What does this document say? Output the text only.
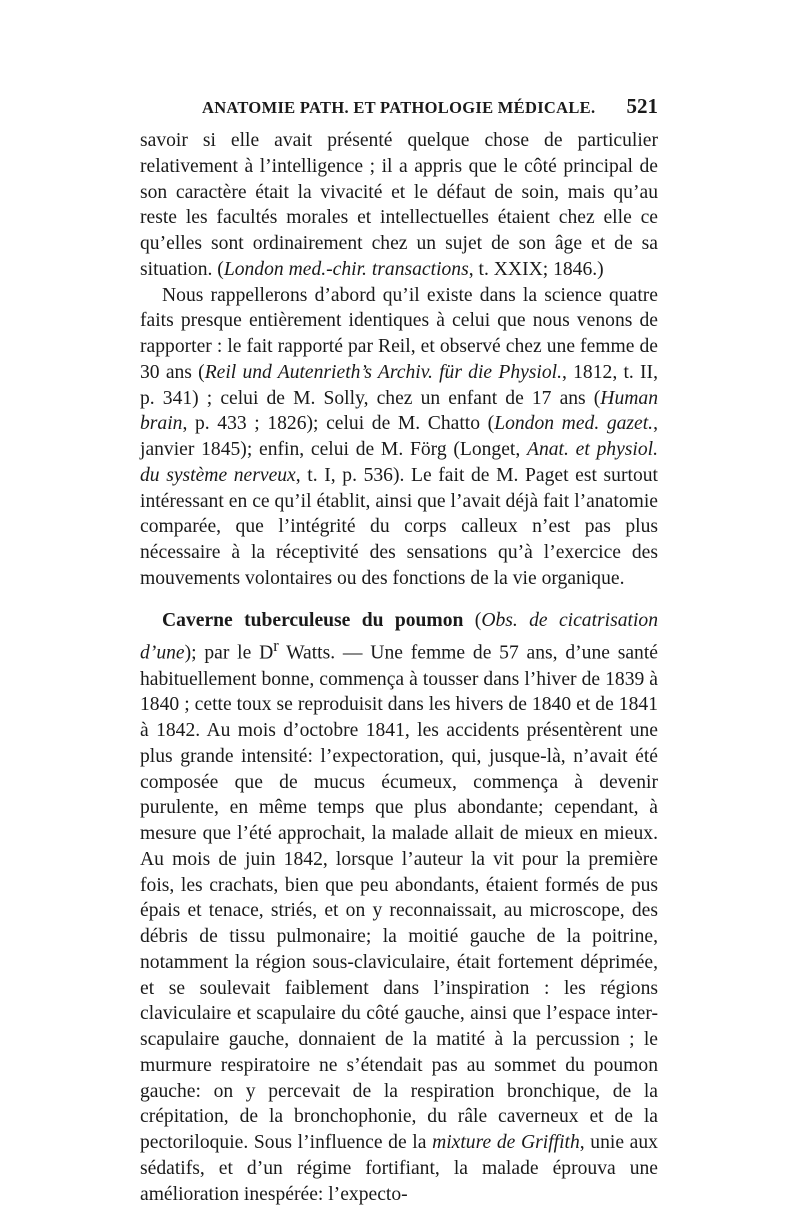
ANATOMIE PATH. ET PATHOLOGIE MÉDICALE. 521

savoir si elle avait présenté quelque chose de particulier relativement à l’intelligence ; il a appris que le côté principal de son caractère était la vivacité et le défaut de soin, mais qu’au reste les facultés morales et intellectuelles étaient chez elle ce qu’elles sont ordinairement chez un sujet de son âge et de sa situation. (London med.-chir. transactions, t. XXIX; 1846.)

Nous rappellerons d’abord qu’il existe dans la science quatre faits presque entièrement identiques à celui que nous venons de rapporter : le fait rapporté par Reil, et observé chez une femme de 30 ans (Reil und Autenrieth’s Archiv. für die Physiol., 1812, t. II, p. 341) ; celui de M. Solly, chez un enfant de 17 ans (Human brain, p. 433 ; 1826); celui de M. Chatto (London med. gazet., janvier 1845); enfin, celui de M. Förg (Longet, Anat. et physiol. du système nerveux, t. I, p. 536). Le fait de M. Paget est surtout intéressant en ce qu’il établit, ainsi que l’avait déjà fait l’anatomie comparée, que l’intégrité du corps calleux n’est pas plus nécessaire à la réceptivité des sensations qu’à l’exercice des mouvements volontaires ou des fonctions de la vie organique.

Caverne tuberculeuse du poumon (Obs. de cicatrisation d’une); par le $D^r$ Watts. — Une femme de 57 ans, d’une santé habituellement bonne, commença à tousser dans l’hiver de 1839 à 1840 ; cette toux se reproduisit dans les hivers de 1840 et de 1841 à 1842. Au mois d’octobre 1841, les accidents présentèrent une plus grande intensité: l’expectoration, qui, jusque-là, n’avait été composée que de mucus écumeux, commença à devenir purulente, en même temps que plus abondante; cependant, à mesure que l’été approchait, la malade allait de mieux en mieux. Au mois de juin 1842, lorsque l’auteur la vit pour la première fois, les crachats, bien que peu abondants, étaient formés de pus épais et tenace, striés, et on y reconnaissait, au microscope, des débris de tissu pulmonaire; la moitié gauche de la poitrine, notamment la région sous-claviculaire, était fortement déprimée, et se soulevait faiblement dans l’inspiration : les régions claviculaire et scapulaire du côté gauche, ainsi que l’espace inter-scapulaire gauche, donnaient de la matité à la percussion ; le murmure respiratoire ne s’étendait pas au sommet du poumon gauche: on y percevait de la respiration bronchique, de la crépitation, de la bronchophonie, du râle caverneux et de la pectoriloquie. Sous l’influence de la mixture de Griffith, unie aux sédatifs, et d’un régime fortifiant, la malade éprouva une amélioration inespérée: l’expecto-
